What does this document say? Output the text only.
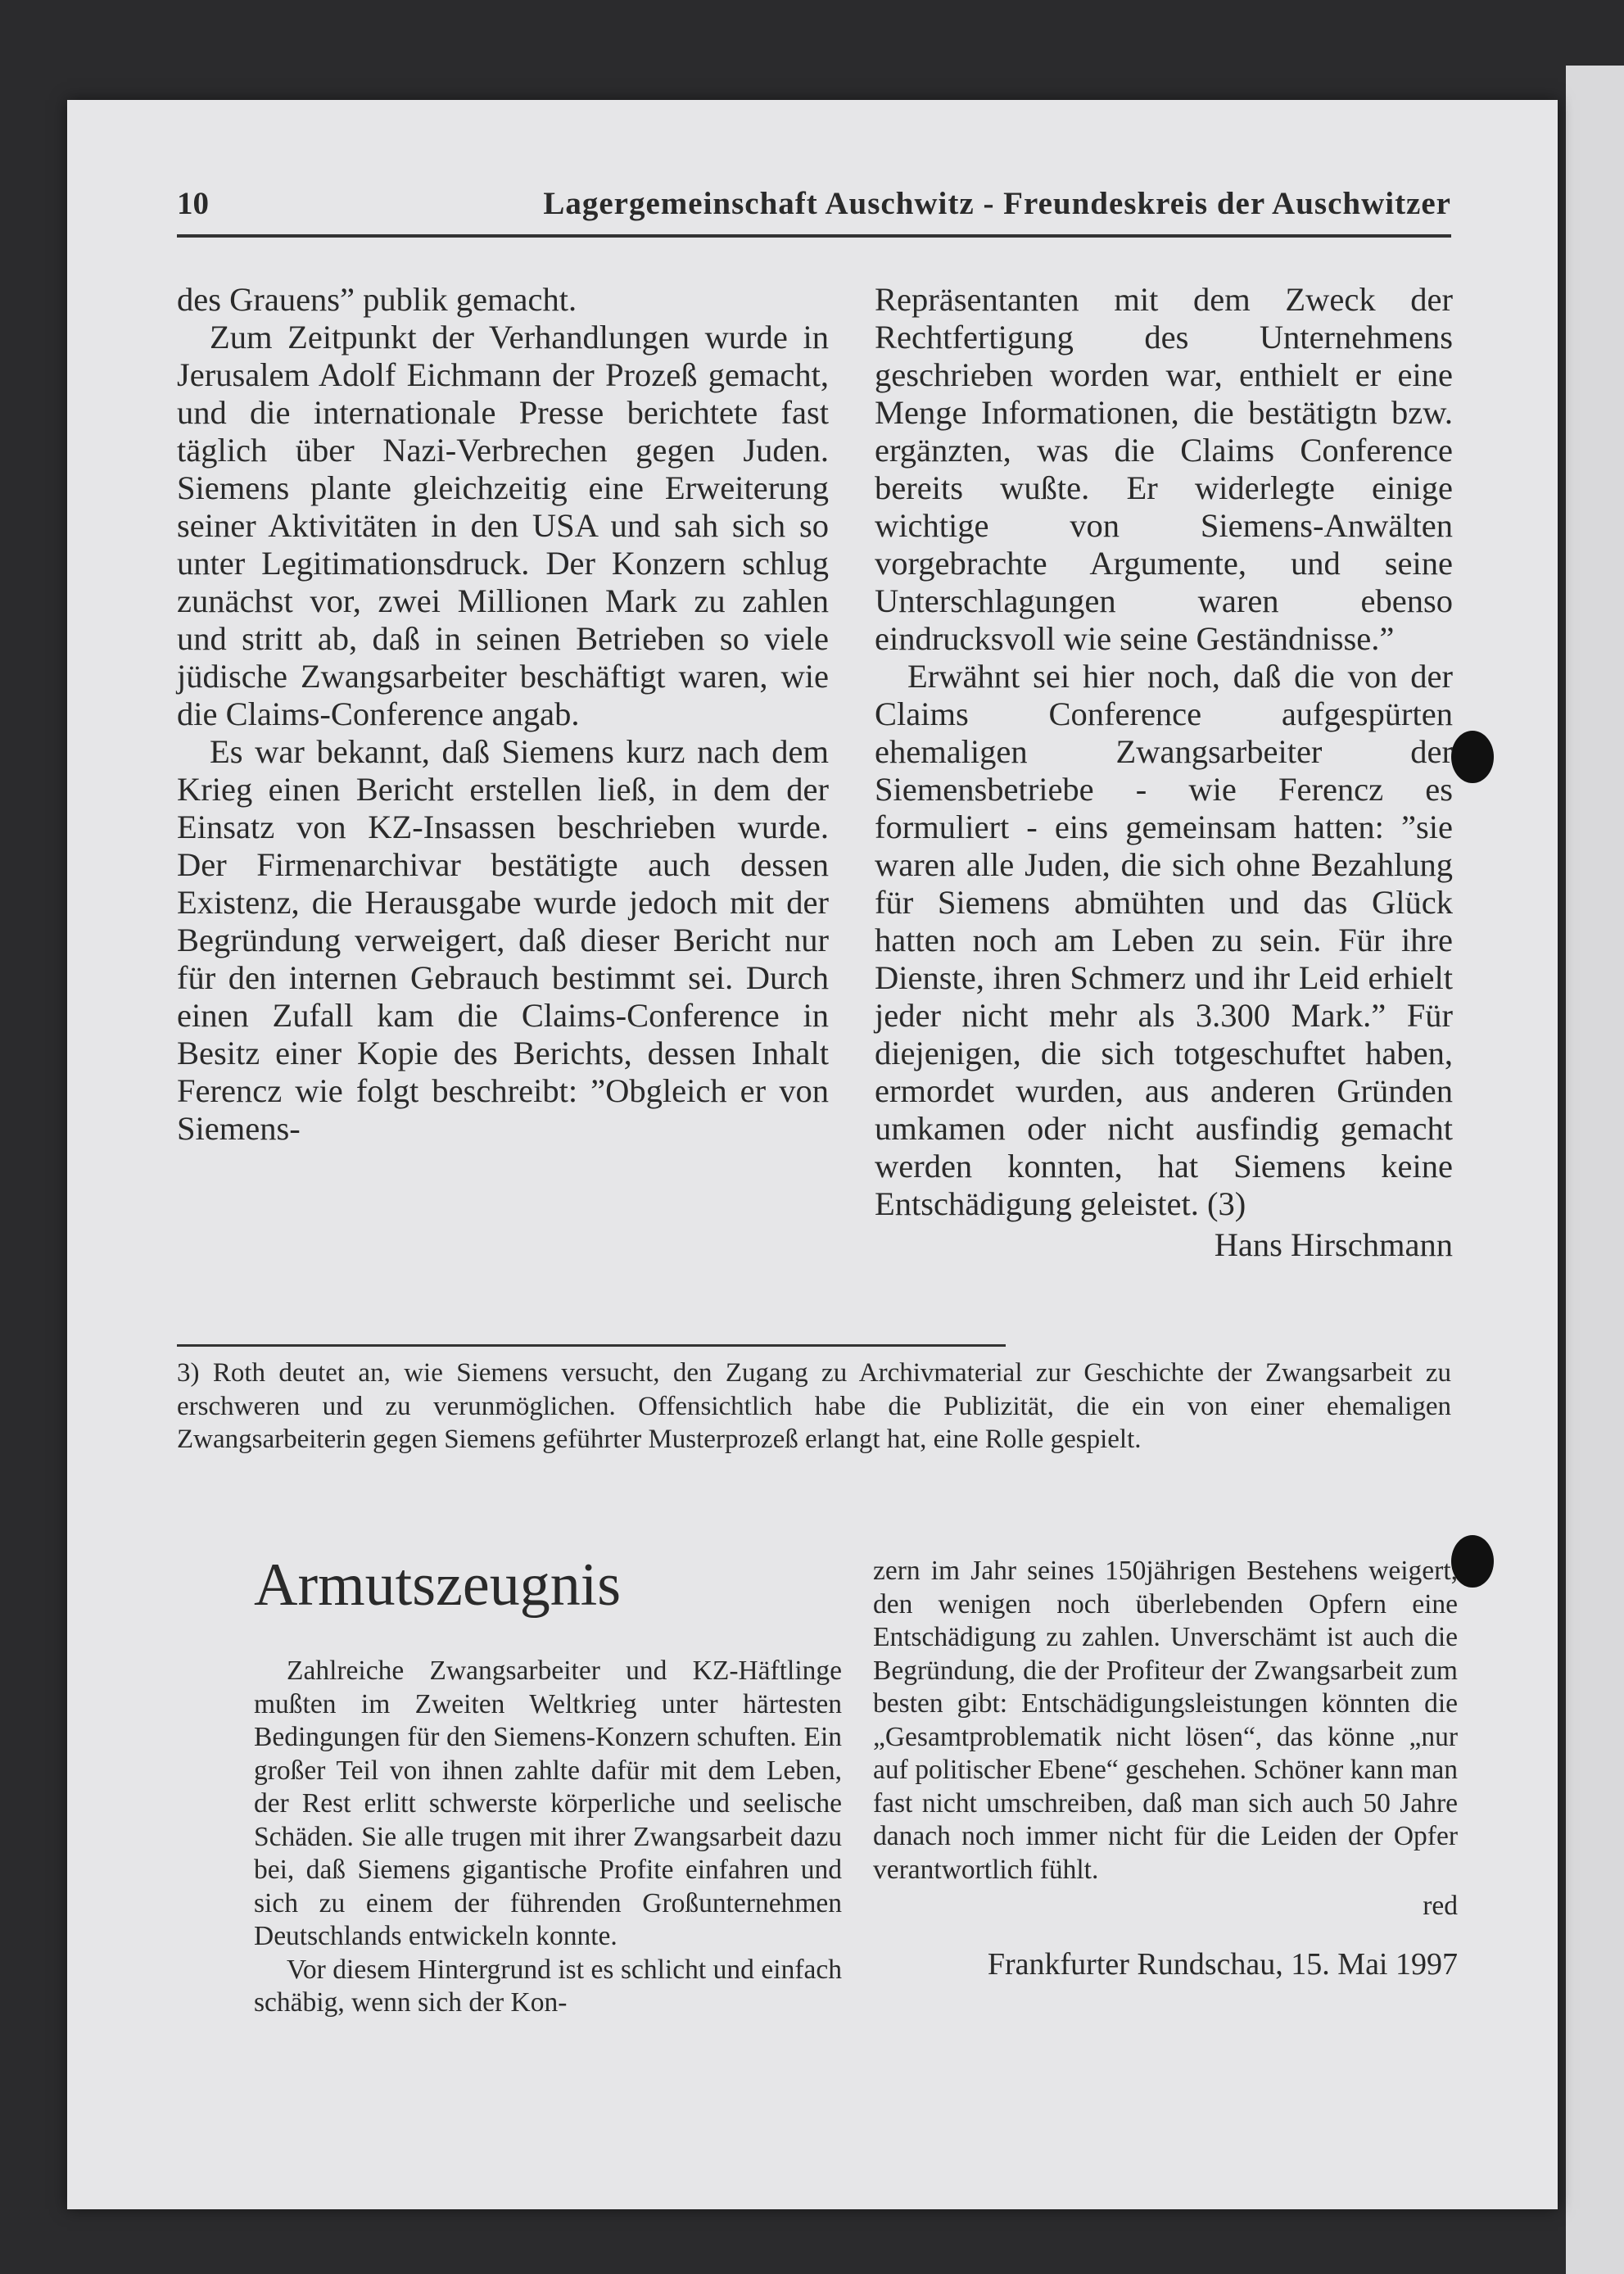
10	Lagergemeinschaft Auschwitz - Freundeskreis der Auschwitzer

des Grauens” publik gemacht.

Zum Zeitpunkt der Verhandlungen wurde in Jerusalem Adolf Eichmann der Prozeß gemacht, und die internationale Presse berichtete fast täglich über Nazi-Verbrechen gegen Juden. Siemens plante gleichzeitig eine Erweiterung seiner Aktivitäten in den USA und sah sich so unter Legitimationsdruck. Der Konzern schlug zunächst vor, zwei Millionen Mark zu zahlen und stritt ab, daß in seinen Betrieben so viele jüdische Zwangsarbeiter beschäftigt waren, wie die Claims-Conference angab.

Es war bekannt, daß Siemens kurz nach dem Krieg einen Bericht erstellen ließ, in dem der Einsatz von KZ-Insassen beschrieben wurde. Der Firmenarchivar bestätigte auch dessen Existenz, die Herausgabe wurde jedoch mit der Begründung verweigert, daß dieser Bericht nur für den internen Gebrauch bestimmt sei. Durch einen Zufall kam die Claims-Conference in Besitz einer Kopie des Berichts, dessen Inhalt Ferencz wie folgt beschreibt: ”Obgleich er von Siemens-

Repräsentanten mit dem Zweck der Rechtfertigung des Unternehmens geschrieben worden war, enthielt er eine Menge Informationen, die bestätigtn bzw. ergänzten, was die Claims Conference bereits wußte. Er widerlegte einige wichtige von Siemens-Anwälten vorgebrachte Argumente, und seine Unterschlagungen waren ebenso eindrucksvoll wie seine Geständnisse.”

Erwähnt sei hier noch, daß die von der Claims Conference aufgespürten ehemaligen Zwangsarbeiter der Siemensbetriebe - wie Ferencz es formuliert - eins gemeinsam hatten: ”sie waren alle Juden, die sich ohne Bezahlung für Siemens abmühten und das Glück hatten noch am Leben zu sein. Für ihre Dienste, ihren Schmerz und ihr Leid erhielt jeder nicht mehr als 3.300 Mark.” Für diejenigen, die sich totgeschuftet haben, ermordet wurden, aus anderen Gründen umkamen oder nicht ausfindig gemacht werden konnten, hat Siemens keine Entschädigung geleistet. (3)

Hans Hirschmann
3) Roth deutet an, wie Siemens versucht, den Zugang zu Archivmaterial zur Geschichte der Zwangsarbeit zu erschweren und zu verunmöglichen. Offensichtlich habe die Publizität, die ein von einer ehemaligen Zwangsarbeiterin gegen Siemens geführter Musterprozeß erlangt hat, eine Rolle gespielt.
Armutszeugnis

Zahlreiche Zwangsarbeiter und KZ-Häftlinge mußten im Zweiten Weltkrieg unter härtesten Bedingungen für den Siemens-Konzern schuften. Ein großer Teil von ihnen zahlte dafür mit dem Leben, der Rest erlitt schwerste körperliche und seelische Schäden. Sie alle trugen mit ihrer Zwangsarbeit dazu bei, daß Siemens gigantische Profite einfahren und sich zu einem der führenden Großunternehmen Deutschlands entwickeln konnte.

Vor diesem Hintergrund ist es schlicht und einfach schäbig, wenn sich der Kon-

zern im Jahr seines 150jährigen Bestehens weigert, den wenigen noch überlebenden Opfern eine Entschädigung zu zahlen. Unverschämt ist auch die Begründung, die der Profiteur der Zwangsarbeit zum besten gibt: Entschädigungsleistungen könnten die „Gesamtproblematik nicht lösen“, das könne „nur auf politischer Ebene“ geschehen. Schöner kann man fast nicht umschreiben, daß man sich auch 50 Jahre danach noch immer nicht für die Leiden der Opfer verantwortlich fühlt.

red
Frankfurter Rundschau, 15. Mai 1997
